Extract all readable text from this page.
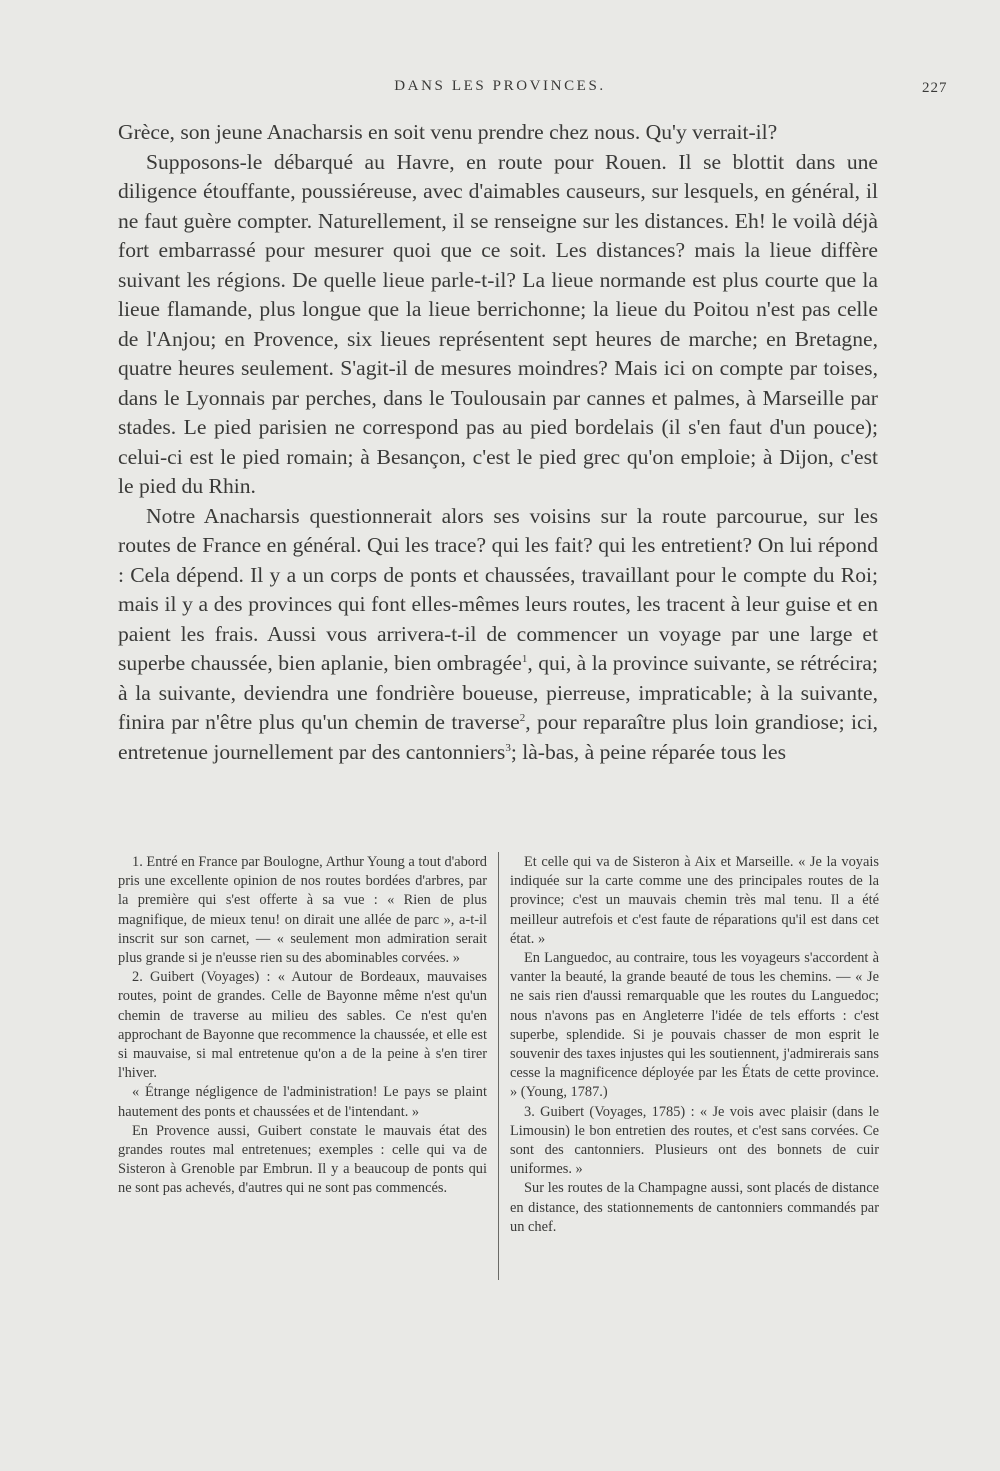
DANS LES PROVINCES.	227

Grèce, son jeune Anacharsis en soit venu prendre chez nous. Qu'y verrait-il?

Supposons-le débarqué au Havre, en route pour Rouen. Il se blottit dans une diligence étouffante, poussiéreuse, avec d'aimables causeurs, sur lesquels, en général, il ne faut guère compter. Naturellement, il se renseigne sur les distances. Eh! le voilà déjà fort embarrassé pour mesurer quoi que ce soit. Les distances? mais la lieue diffère suivant les régions. De quelle lieue parle-t-il? La lieue normande est plus courte que la lieue flamande, plus longue que la lieue berrichonne; la lieue du Poitou n'est pas celle de l'Anjou; en Provence, six lieues représentent sept heures de marche; en Bretagne, quatre heures seulement. S'agit-il de mesures moindres? Mais ici on compte par toises, dans le Lyonnais par perches, dans le Toulousain par cannes et palmes, à Marseille par stades. Le pied parisien ne correspond pas au pied bordelais (il s'en faut d'un pouce); celui-ci est le pied romain; à Besançon, c'est le pied grec qu'on emploie; à Dijon, c'est le pied du Rhin.

Notre Anacharsis questionnerait alors ses voisins sur la route parcourue, sur les routes de France en général. Qui les trace? qui les fait? qui les entretient? On lui répond : Cela dépend. Il y a un corps de ponts et chaussées, travaillant pour le compte du Roi; mais il y a des provinces qui font elles-mêmes leurs routes, les tracent à leur guise et en paient les frais. Aussi vous arrivera-t-il de commencer un voyage par une large et superbe chaussée, bien aplanie, bien ombragée$^1$, qui, à la province suivante, se rétrécira; à la suivante, deviendra une fondrière boueuse, pierreuse, impraticable; à la suivante, finira par n'être plus qu'un chemin de traverse$^2$, pour reparaître plus loin grandiose; ici, entretenue journellement par des cantonniers$^3$; là-bas, à peine réparée tous les

1. Entré en France par Boulogne, Arthur Young a tout d'abord pris une excellente opinion de nos routes bordées d'arbres, par la première qui s'est offerte à sa vue : « Rien de plus magnifique, de mieux tenu! on dirait une allée de parc », a-t-il inscrit sur son carnet, — « seulement mon admiration serait plus grande si je n'eusse rien su des abominables corvées. »

2. Guibert (Voyages) : « Autour de Bordeaux, mauvaises routes, point de grandes. Celle de Bayonne même n'est qu'un chemin de traverse au milieu des sables. Ce n'est qu'en approchant de Bayonne que recommence la chaussée, et elle est si mauvaise, si mal entretenue qu'on a de la peine à s'en tirer l'hiver.

« Étrange négligence de l'administration! Le pays se plaint hautement des ponts et chaussées et de l'intendant. »

En Provence aussi, Guibert constate le mauvais état des grandes routes mal entretenues; exemples : celle qui va de Sisteron à Grenoble par Embrun. Il y a beaucoup de ponts qui ne sont pas achevés, d'autres qui ne sont pas commencés.

Et celle qui va de Sisteron à Aix et Marseille. « Je la voyais indiquée sur la carte comme une des principales routes de la province; c'est un mauvais chemin très mal tenu. Il a été meilleur autrefois et c'est faute de réparations qu'il est dans cet état. »

En Languedoc, au contraire, tous les voyageurs s'accordent à vanter la beauté, la grande beauté de tous les chemins. — « Je ne sais rien d'aussi remarquable que les routes du Languedoc; nous n'avons pas en Angleterre l'idée de tels efforts : c'est superbe, splendide. Si je pouvais chasser de mon esprit le souvenir des taxes injustes qui les soutiennent, j'admirerais sans cesse la magnificence déployée par les États de cette province. » (Young, 1787.)

3. Guibert (Voyages, 1785) : « Je vois avec plaisir (dans le Limousin) le bon entretien des routes, et c'est sans corvées. Ce sont des cantonniers. Plusieurs ont des bonnets de cuir uniformes. »

Sur les routes de la Champagne aussi, sont placés de distance en distance, des stationnements de cantonniers commandés par un chef.
